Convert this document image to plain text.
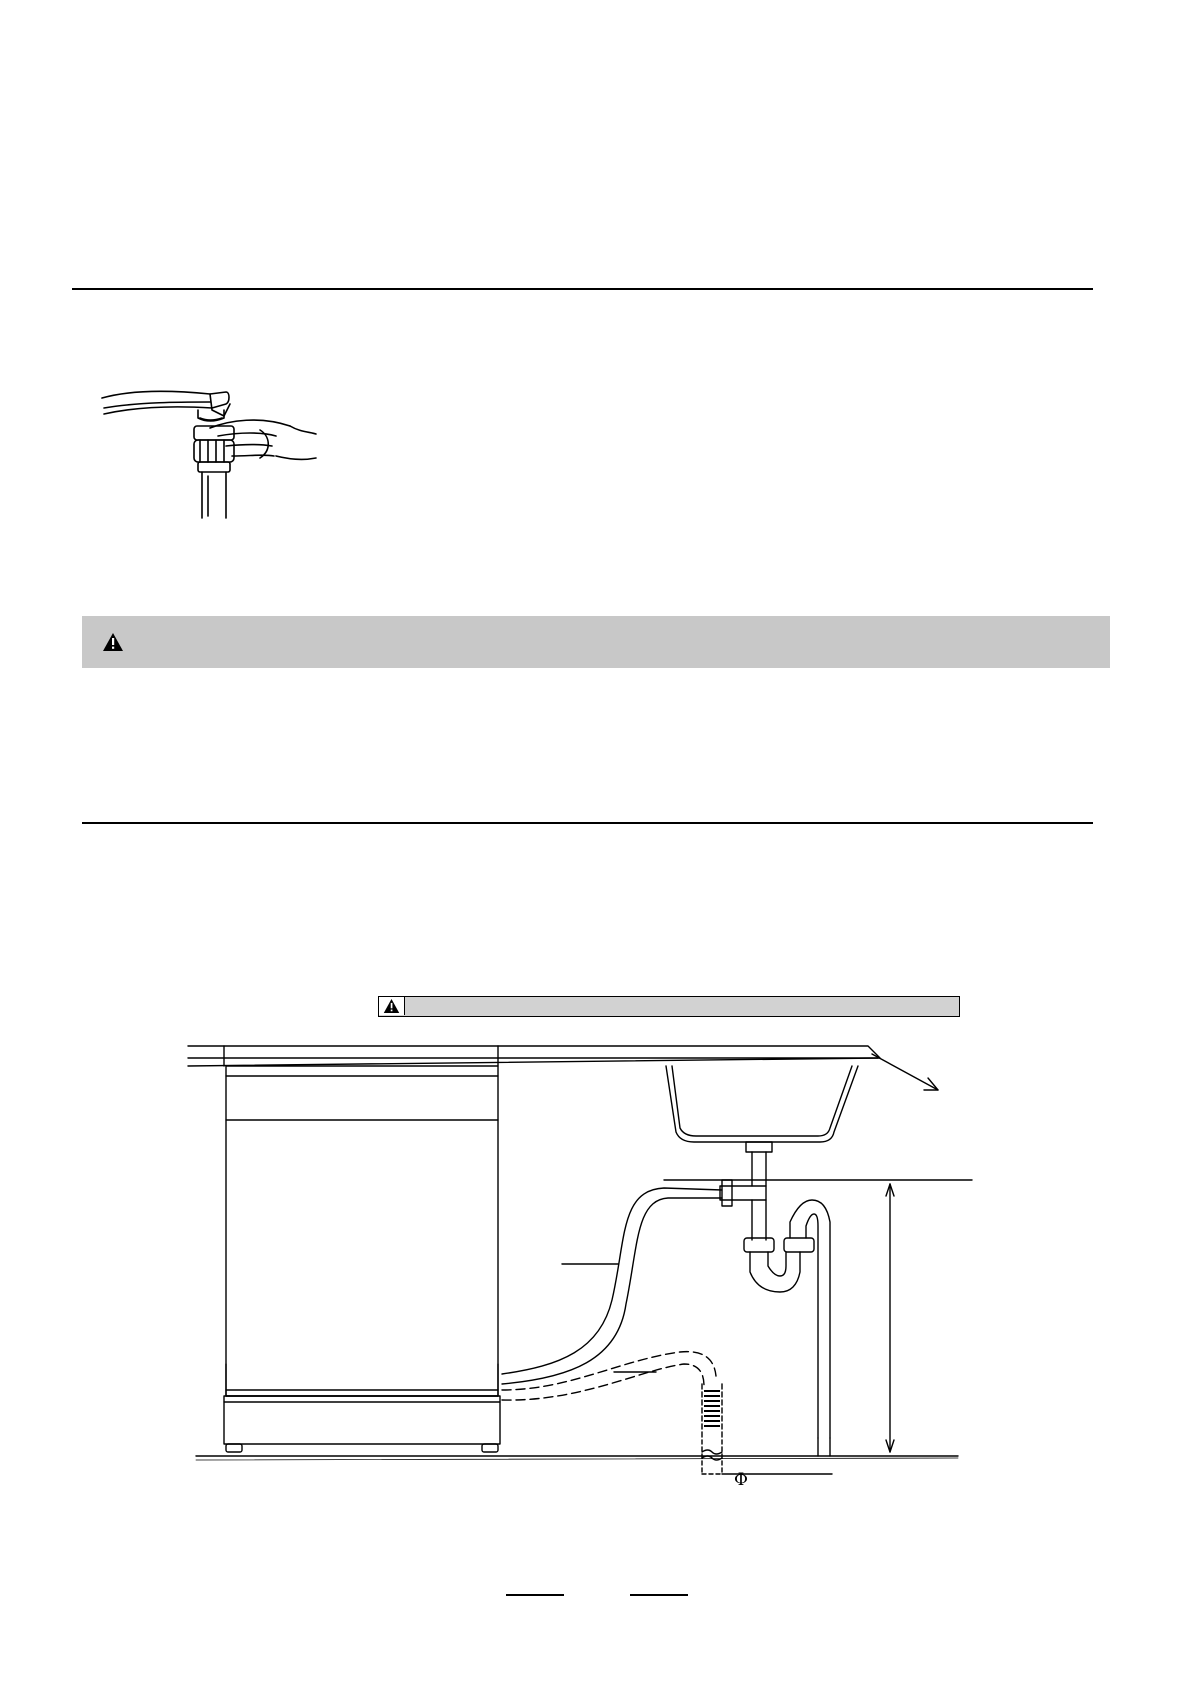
Φ
